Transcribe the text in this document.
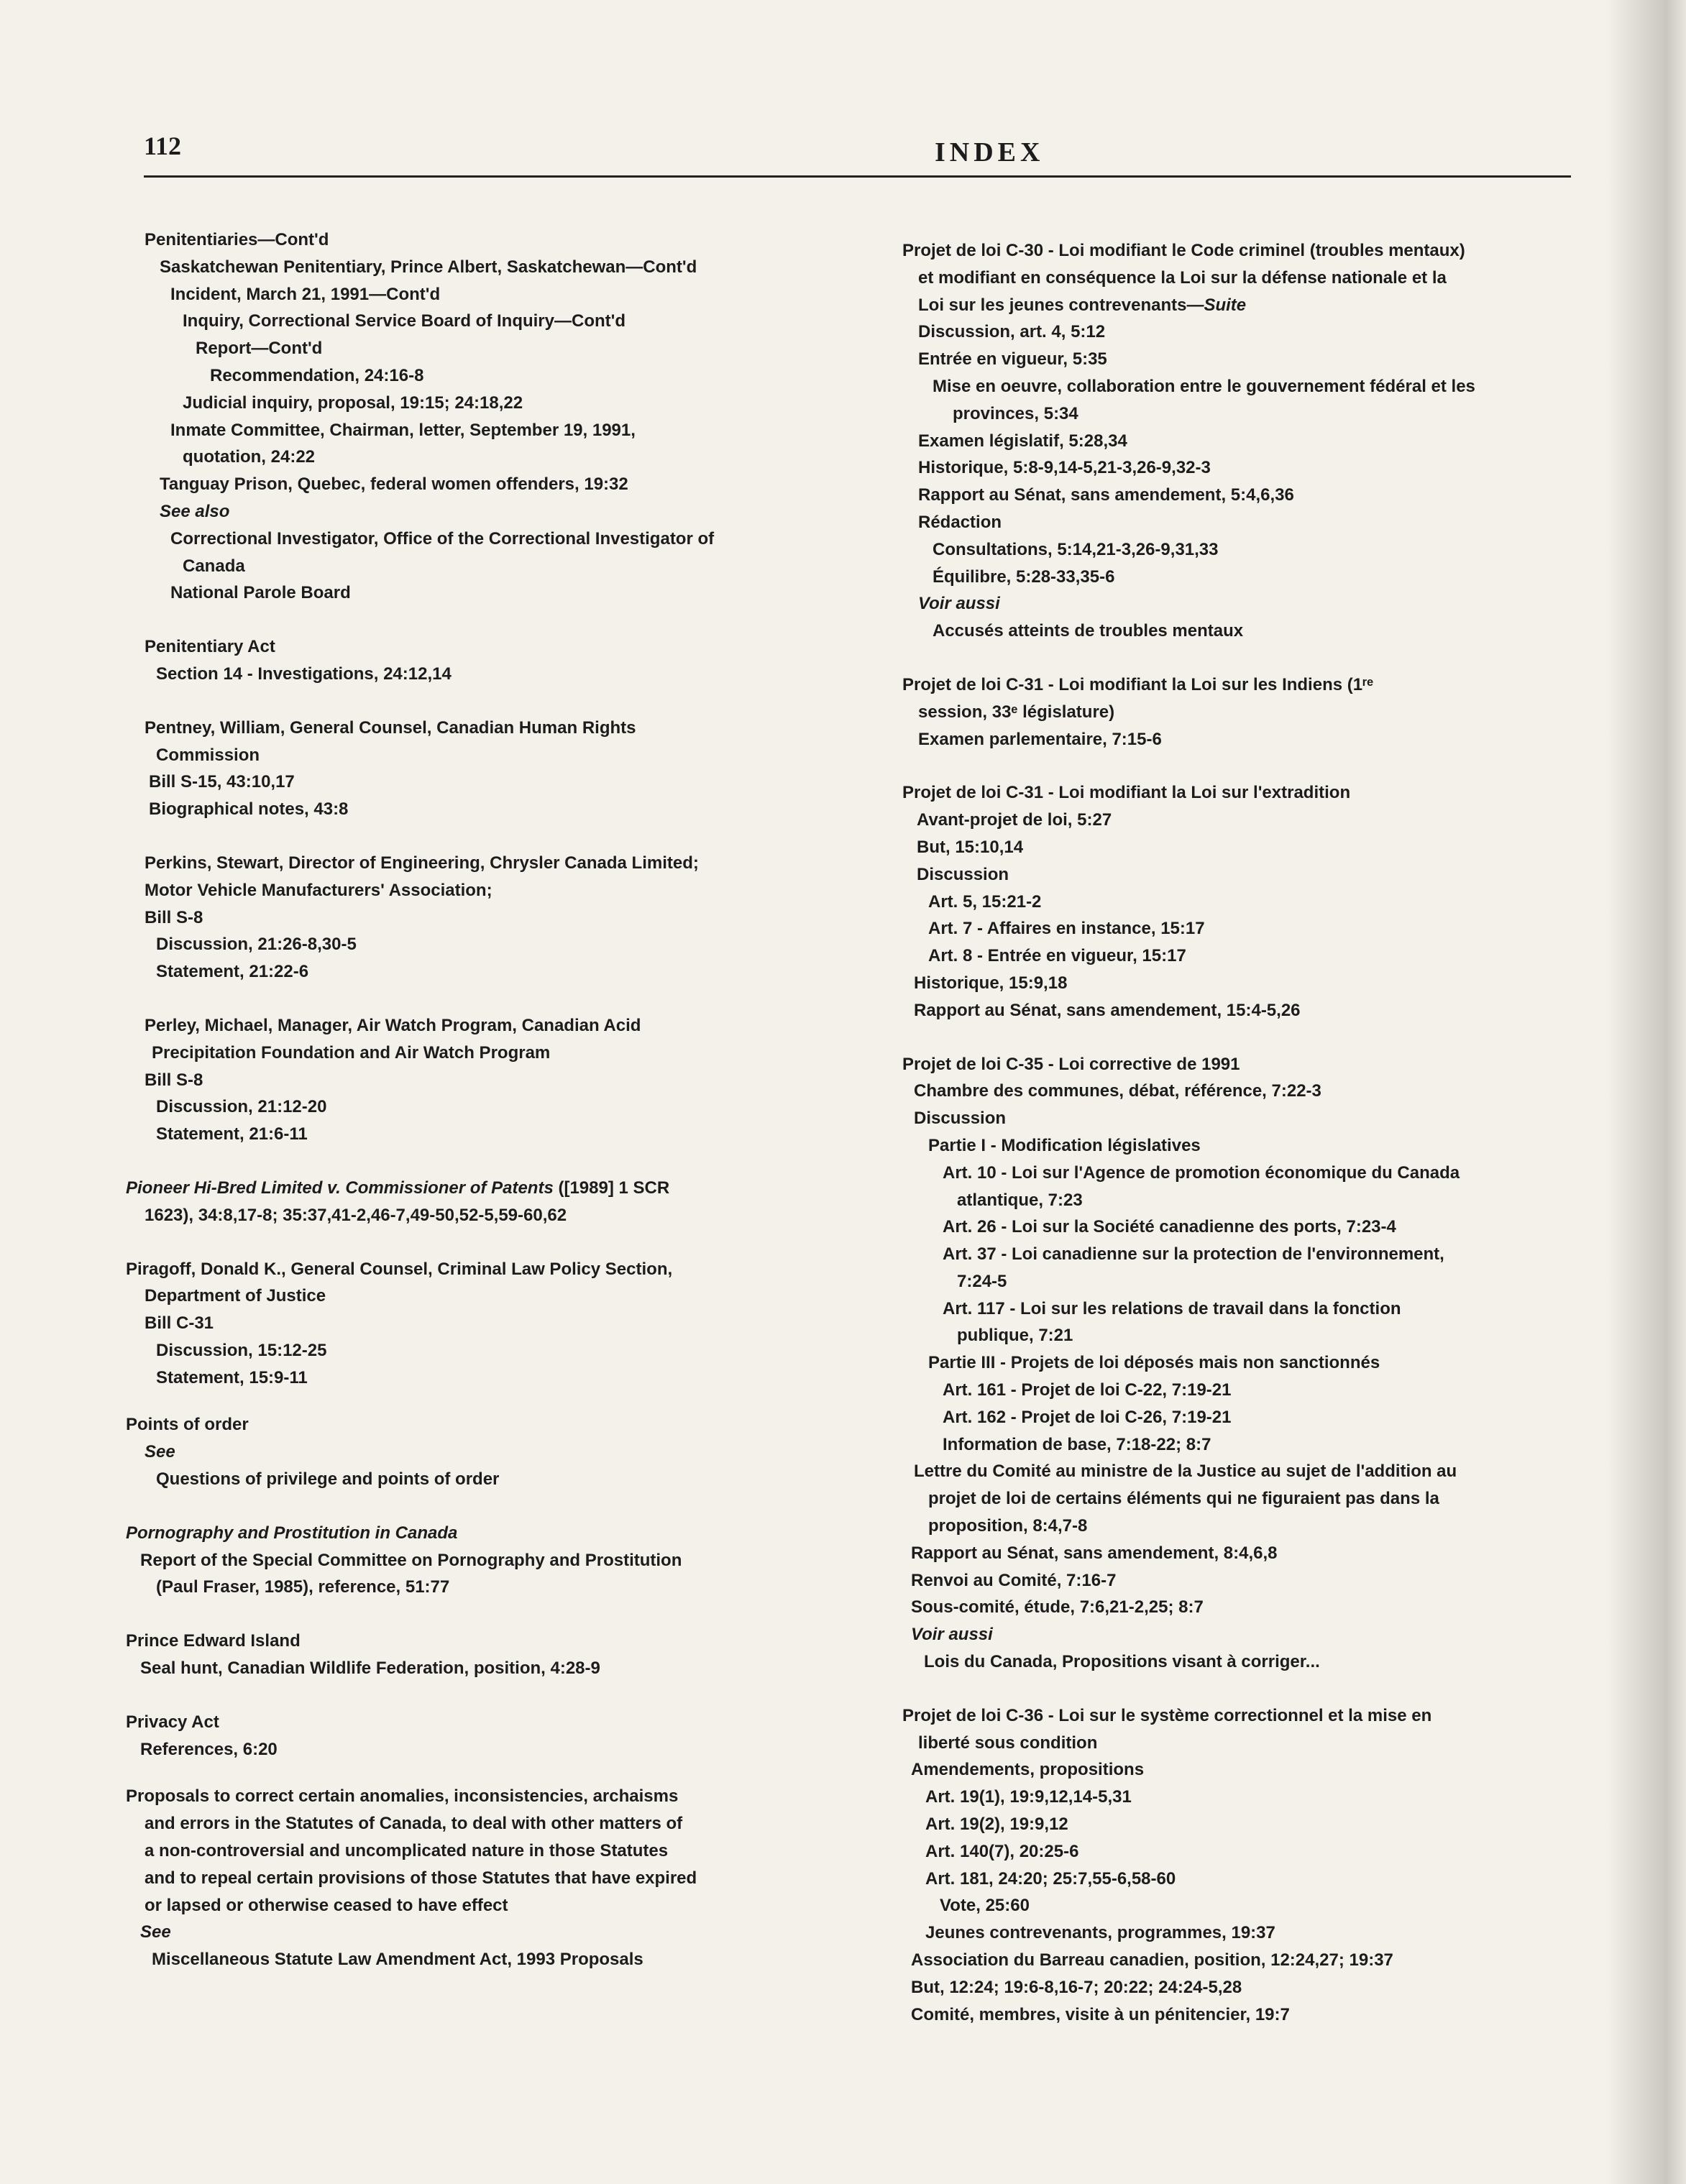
112	INDEX
Penitentiaries—Cont'd
Saskatchewan Penitentiary, Prince Albert, Saskatchewan—Cont'd
Incident, March 21, 1991—Cont'd
Inquiry, Correctional Service Board of Inquiry—Cont'd
Report—Cont'd
Recommendation, 24:16-8
Judicial inquiry, proposal, 19:15; 24:18,22
Inmate Committee, Chairman, letter, September 19, 1991,
quotation, 24:22
Tanguay Prison, Quebec, federal women offenders, 19:32
See also
Correctional Investigator, Office of the Correctional Investigator of
Canada
National Parole Board
Penitentiary Act
Section 14 - Investigations, 24:12,14
Pentney, William, General Counsel, Canadian Human Rights
Commission
Bill S-15, 43:10,17
Biographical notes, 43:8
Perkins, Stewart, Director of Engineering, Chrysler Canada Limited;
Motor Vehicle Manufacturers' Association;
Bill S-8
Discussion, 21:26-8,30-5
Statement, 21:22-6
Perley, Michael, Manager, Air Watch Program, Canadian Acid
Precipitation Foundation and Air Watch Program
Bill S-8
Discussion, 21:12-20
Statement, 21:6-11
Pioneer Hi-Bred Limited v. Commissioner of Patents ([1989] 1 SCR
1623), 34:8,17-8; 35:37,41-2,46-7,49-50,52-5,59-60,62
Piragoff, Donald K., General Counsel, Criminal Law Policy Section,
Department of Justice
Bill C-31
Discussion, 15:12-25
Statement, 15:9-11
Points of order
See
Questions of privilege and points of order
Pornography and Prostitution in Canada
Report of the Special Committee on Pornography and Prostitution
(Paul Fraser, 1985), reference, 51:77
Prince Edward Island
Seal hunt, Canadian Wildlife Federation, position, 4:28-9
Privacy Act
References, 6:20
Proposals to correct certain anomalies, inconsistencies, archaisms
and errors in the Statutes of Canada, to deal with other matters of
a non-controversial and uncomplicated nature in those Statutes
and to repeal certain provisions of those Statutes that have expired
or lapsed or otherwise ceased to have effect
See
Miscellaneous Statute Law Amendment Act, 1993 Proposals
Projet de loi C-30 - Loi modifiant le Code criminel (troubles mentaux)
et modifiant en conséquence la Loi sur la défense nationale et la
Loi sur les jeunes contrevenants—Suite
Discussion, art. 4, 5:12
Entrée en vigueur, 5:35
Mise en oeuvre, collaboration entre le gouvernement fédéral et les
provinces, 5:34
Examen législatif, 5:28,34
Historique, 5:8-9,14-5,21-3,26-9,32-3
Rapport au Sénat, sans amendement, 5:4,6,36
Rédaction
Consultations, 5:14,21-3,26-9,31,33
Équilibre, 5:28-33,35-6
Voir aussi
Accusés atteints de troubles mentaux
Projet de loi C-31 - Loi modifiant la Loi sur les Indiens (1ʳᵉ
session, 33ᵉ législature)
Examen parlementaire, 7:15-6
Projet de loi C-31 - Loi modifiant la Loi sur l'extradition
Avant-projet de loi, 5:27
But, 15:10,14
Discussion
Art. 5, 15:21-2
Art. 7 - Affaires en instance, 15:17
Art. 8 - Entrée en vigueur, 15:17
Historique, 15:9,18
Rapport au Sénat, sans amendement, 15:4-5,26
Projet de loi C-35 - Loi corrective de 1991
Chambre des communes, débat, référence, 7:22-3
Discussion
Partie I - Modification législatives
Art. 10 - Loi sur l'Agence de promotion économique du Canada
atlantique, 7:23
Art. 26 - Loi sur la Société canadienne des ports, 7:23-4
Art. 37 - Loi canadienne sur la protection de l'environnement,
7:24-5
Art. 117 - Loi sur les relations de travail dans la fonction
publique, 7:21
Partie III - Projets de loi déposés mais non sanctionnés
Art. 161 - Projet de loi C-22, 7:19-21
Art. 162 - Projet de loi C-26, 7:19-21
Information de base, 7:18-22; 8:7
Lettre du Comité au ministre de la Justice au sujet de l'addition au
projet de loi de certains éléments qui ne figuraient pas dans la
proposition, 8:4,7-8
Rapport au Sénat, sans amendement, 8:4,6,8
Renvoi au Comité, 7:16-7
Sous-comité, étude, 7:6,21-2,25; 8:7
Voir aussi
Lois du Canada, Propositions visant à corriger...
Projet de loi C-36 - Loi sur le système correctionnel et la mise en
liberté sous condition
Amendements, propositions
Art. 19(1), 19:9,12,14-5,31
Art. 19(2), 19:9,12
Art. 140(7), 20:25-6
Art. 181, 24:20; 25:7,55-6,58-60
Vote, 25:60
Jeunes contrevenants, programmes, 19:37
Association du Barreau canadien, position, 12:24,27; 19:37
But, 12:24; 19:6-8,16-7; 20:22; 24:24-5,28
Comité, membres, visite à un pénitencier, 19:7
